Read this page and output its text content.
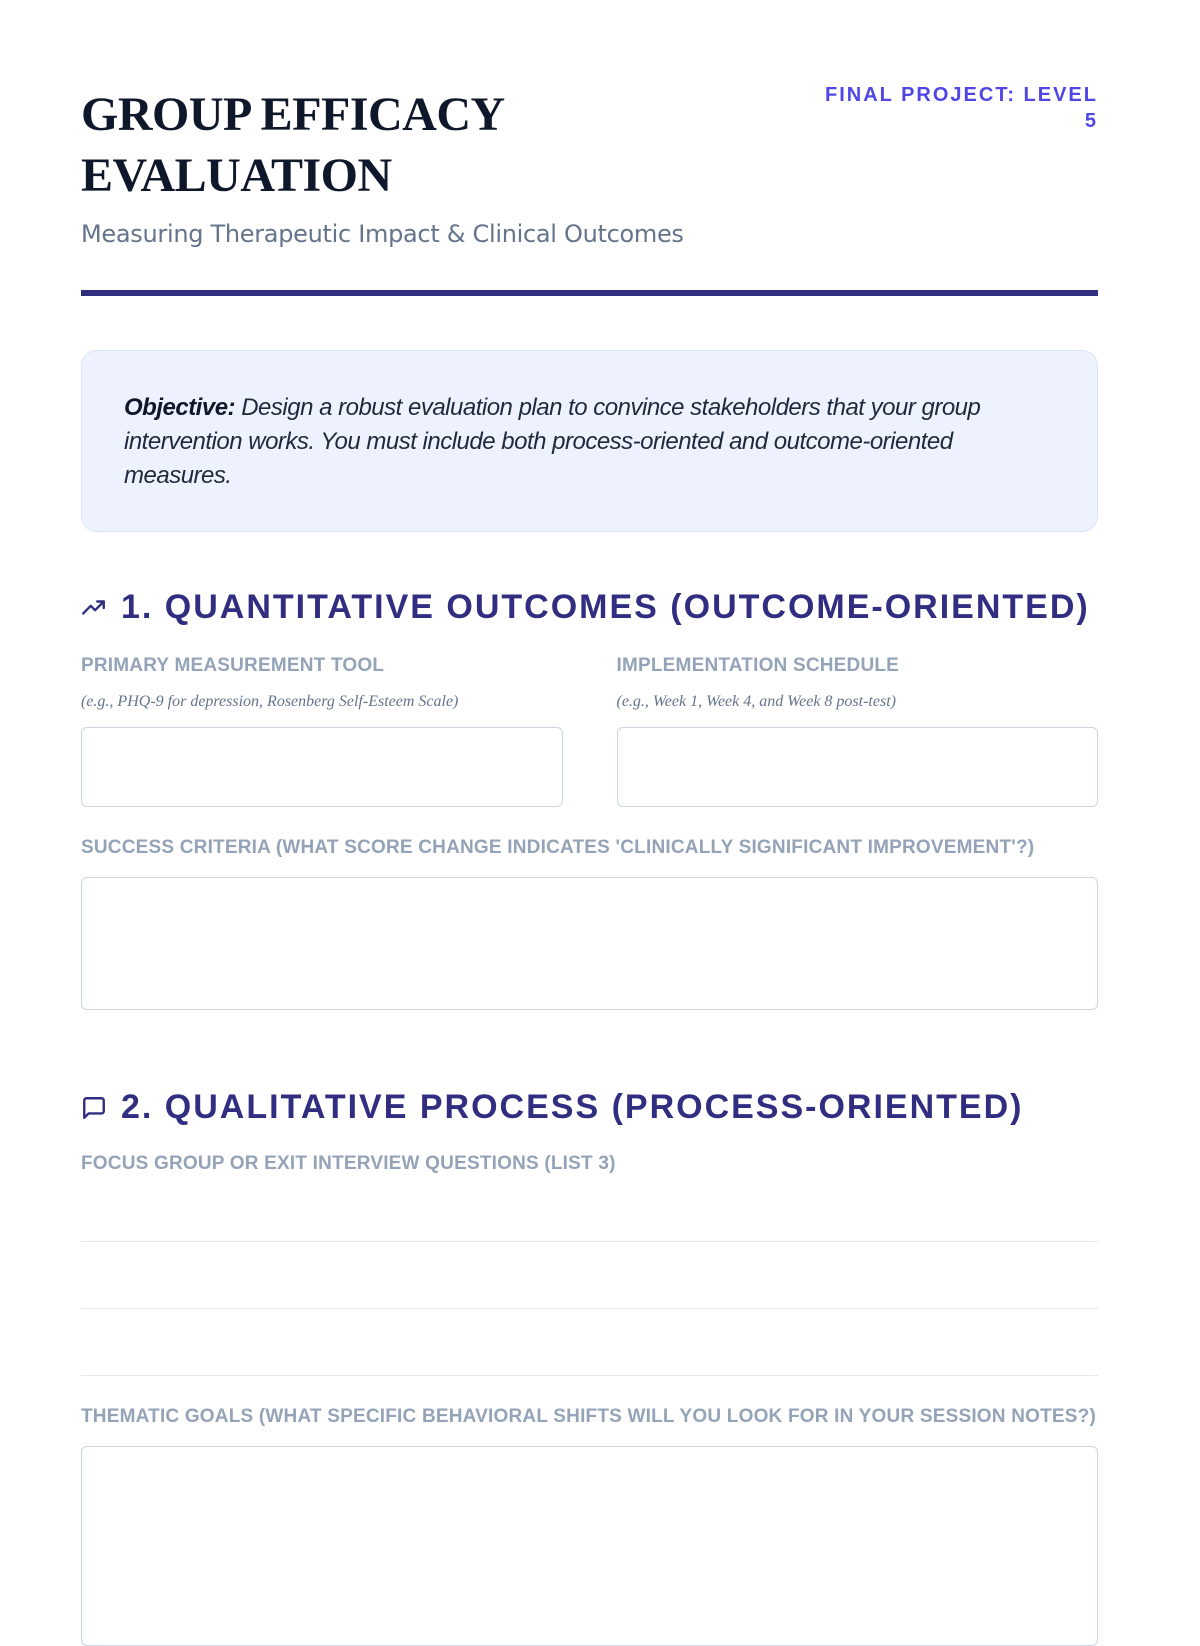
GROUP EFFICACY EVALUATION
Measuring Therapeutic Impact & Clinical Outcomes
FINAL PROJECT: LEVEL 5
Objective: Design a robust evaluation plan to convince stakeholders that your group intervention works. You must include both process-oriented and outcome-oriented measures.
1. QUANTITATIVE OUTCOMES (OUTCOME-ORIENTED)
PRIMARY MEASUREMENT TOOL
(e.g., PHQ-9 for depression, Rosenberg Self-Esteem Scale)
IMPLEMENTATION SCHEDULE
(e.g., Week 1, Week 4, and Week 8 post-test)
SUCCESS CRITERIA (WHAT SCORE CHANGE INDICATES 'CLINICALLY SIGNIFICANT IMPROVEMENT'?)
2. QUALITATIVE PROCESS (PROCESS-ORIENTED)
FOCUS GROUP OR EXIT INTERVIEW QUESTIONS (LIST 3)
THEMATIC GOALS (WHAT SPECIFIC BEHAVIORAL SHIFTS WILL YOU LOOK FOR IN YOUR SESSION NOTES?)
